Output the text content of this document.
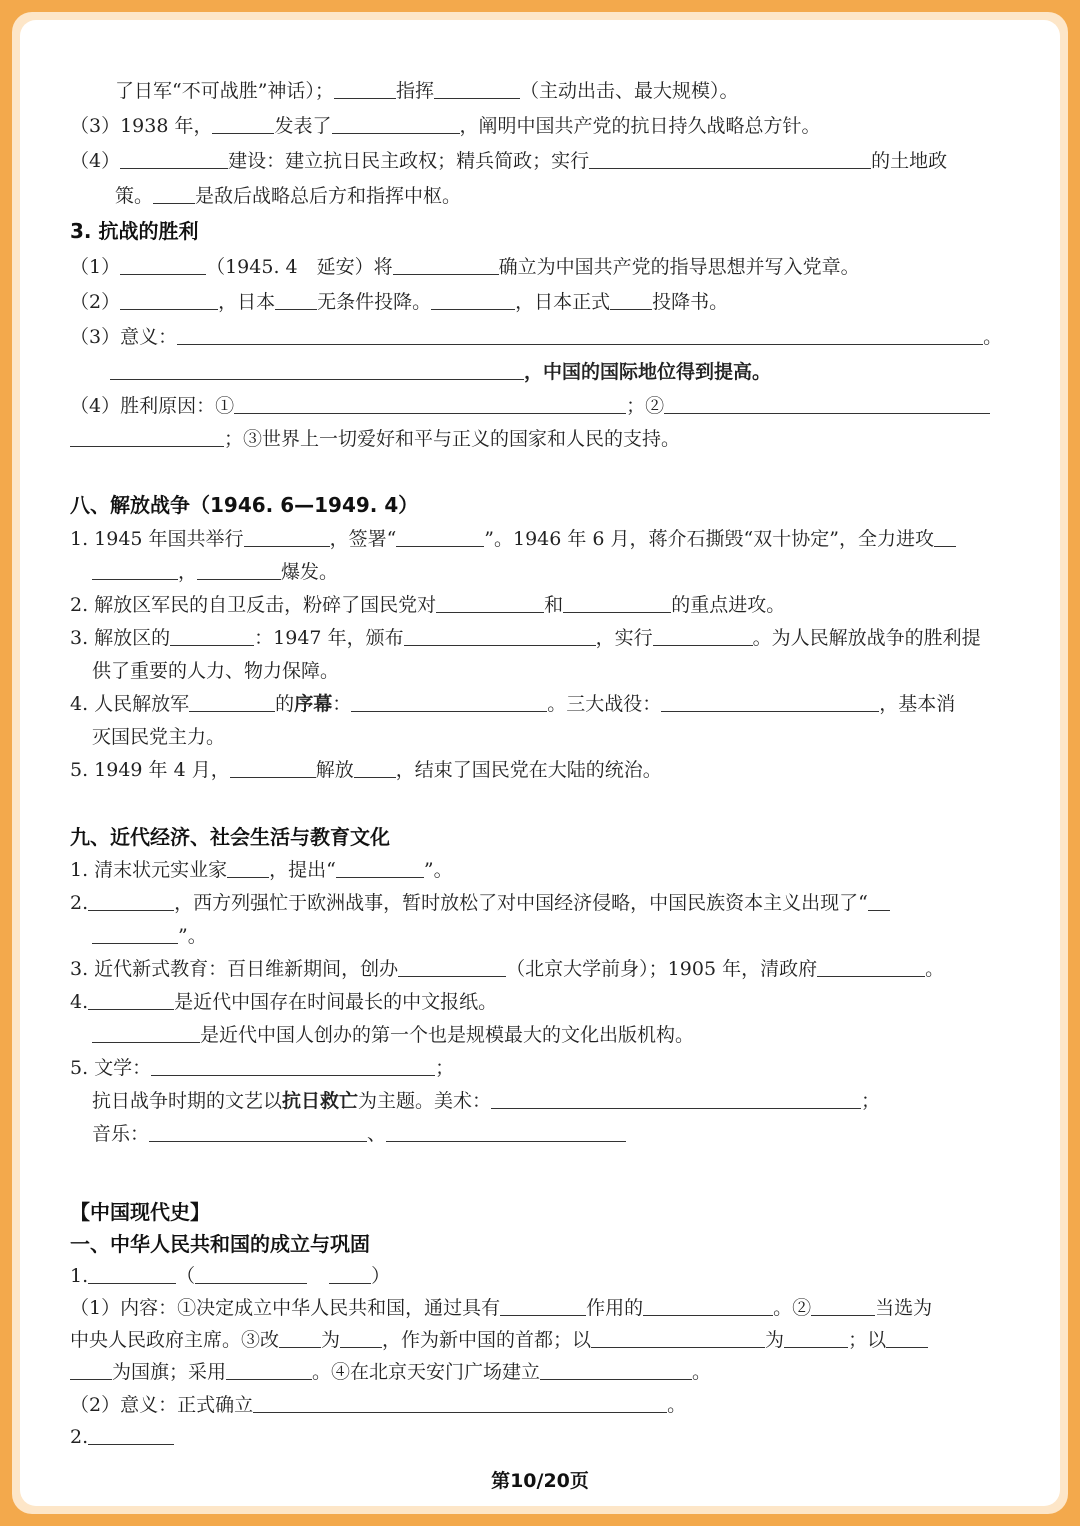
了日军“不可战胜”神话）；	指挥	（主动出击、最大规模）。
（3）1938 年，	发表了	，阐明中国共产党的抗日持久战略总方针。
（4）	建设：建立抗日民主政权；精兵简政；实行	的土地政
策。 是敌后战略总后方和指挥中枢。
3. 抗战的胜利
（1）	（1945. 4　延安）将	确立为中国共产党的指导思想并写入党章。
（2）	，日本 无条件投降。	，日本正式 投降书。
（3）意义：	。
，中国的国际地位得到提高。
（4）胜利原因：①	；②
；③世界上一切爱好和平与正义的国家和人民的支持。
八、解放战争（1946. 6—1949. 4）
1. 1945 年国共举行	，签署“	”。1946 年 6 月，蒋介石撕毁“双十协定”，全力进攻
，	爆发。
2. 解放区军民的自卫反击，粉碎了国民党对	和	的重点进攻。
3. 解放区的	：1947 年，颁布	，实行	。为人民解放战争的胜利提
供了重要的人力、物力保障。
4. 人民解放军	的序幕：	。三大战役：	，基本消
灭国民党主力。
5. 1949 年 4 月，	解放 ，结束了国民党在大陆的统治。
九、近代经济、社会生活与教育文化
1. 清末状元实业家 ，提出“	”。
2.	，西方列强忙于欧洲战事，暂时放松了对中国经济侵略，中国民族资本主义出现了“
”。
3. 近代新式教育：百日维新期间，创办	（北京大学前身）；1905 年，清政府	。
4.	是近代中国存在时间最长的中文报纸。
是近代中国人创办的第一个也是规模最大的文化出版机构。
5. 文学：	；
抗日战争时期的文艺以抗日救亡为主题。美术：	；
音乐：	、
【中国现代史】
一、中华人民共和国的成立与巩固
1.	（	）
（1）内容：①决定成立中华人民共和国，通过具有	作用的	。②	当选为
中央人民政府主席。③改 为 ，作为新中国的首都；以	为	；以
为国旗；采用	。④在北京天安门广场建立	。
（2）意义：正式确立	。
2.
第10/20页
